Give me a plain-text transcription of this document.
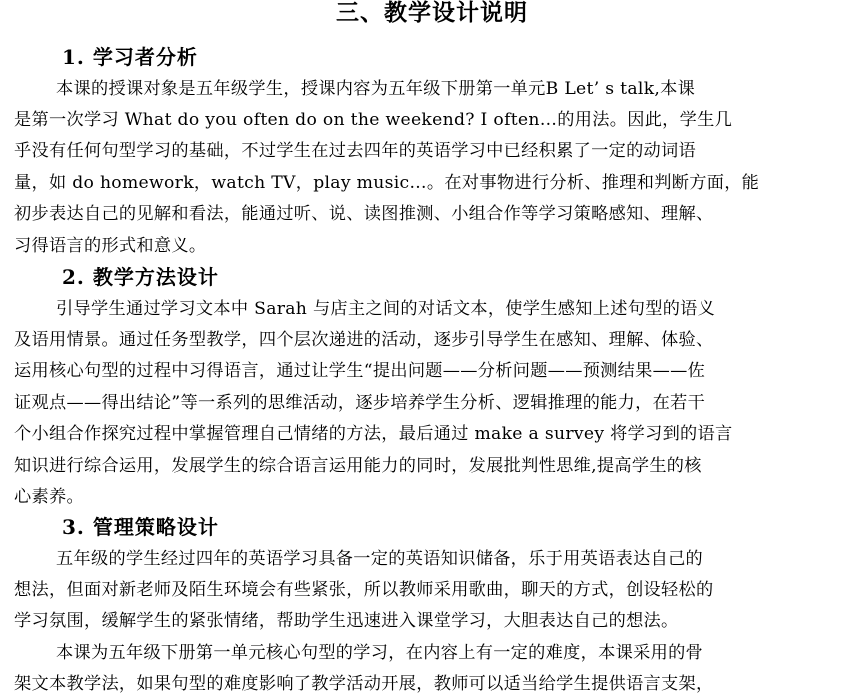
三、教学设计说明
1. 学习者分析
本课的授课对象是五年级学生，授课内容为五年级下册第一单元B Let’ s talk,本课
是第一次学习 What do you often do on the weekend? I often…的用法。因此，学生几
乎没有任何句型学习的基础，不过学生在过去四年的英语学习中已经积累了一定的动词语
量，如 do homework，watch TV，play music…。在对事物进行分析、推理和判断方面，能
初步表达自己的见解和看法，能通过听、说、读图推测、小组合作等学习策略感知、理解、
习得语言的形式和意义。
2. 教学方法设计
引导学生通过学习文本中 Sarah 与店主之间的对话文本，使学生感知上述句型的语义
及语用情景。通过任务型教学，四个层次递进的活动，逐步引导学生在感知、理解、体验、
运用核心句型的过程中习得语言，通过让学生“提出问题——分析问题——预测结果——佐
证观点——得出结论”等一系列的思维活动，逐步培养学生分析、逻辑推理的能力，在若干
个小组合作探究过程中掌握管理自己情绪的方法，最后通过 make a survey 将学习到的语言
知识进行综合运用，发展学生的综合语言运用能力的同时，发展批判性思维,提高学生的核
心素养。
3. 管理策略设计
五年级的学生经过四年的英语学习具备一定的英语知识储备，乐于用英语表达自己的
想法，但面对新老师及陌生环境会有些紧张，所以教师采用歌曲，聊天的方式，创设轻松的
学习氛围，缓解学生的紧张情绪，帮助学生迅速进入课堂学习，大胆表达自己的想法。
本课为五年级下册第一单元核心句型的学习，在内容上有一定的难度，本课采用的骨
架文本教学法，如果句型的难度影响了教学活动开展，教师可以适当给学生提供语言支架，
